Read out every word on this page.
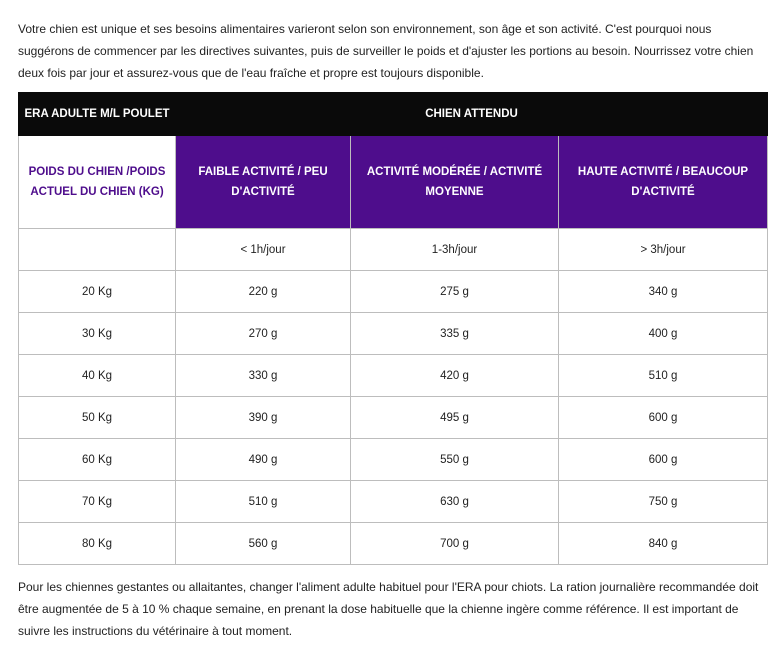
Votre chien est unique et ses besoins alimentaires varieront selon son environnement, son âge et son activité. C'est pourquoi nous suggérons de commencer par les directives suivantes, puis de surveiller le poids et d'ajuster les portions au besoin. Nourrissez votre chien deux fois par jour et assurez-vous que de l'eau fraîche et propre est toujours disponible.

ERA ADULTE M/L POULET	CHIEN ATTENDU		
POIDS DU CHIEN /POIDS ACTUEL DU CHIEN (KG)	FAIBLE ACTIVITÉ / PEU D'ACTIVITÉ	ACTIVITÉ MODÉRÉE / ACTIVITÉ MOYENNE	HAUTE ACTIVITÉ / BEAUCOUP D'ACTIVITÉ
	< 1h/jour	1-3h/jour	> 3h/jour
20 Kg	220 g	275 g	340 g
30 Kg	270 g	335 g	400 g
40 Kg	330 g	420 g	510 g
50 Kg	390 g	495 g	600 g
60 Kg	490 g	550 g	600 g
70 Kg	510 g	630 g	750 g
80 Kg	560 g	700 g	840 g

Pour les chiennes gestantes ou allaitantes, changer l'aliment adulte habituel pour l'ERA pour chiots. La ration journalière recommandée doit être augmentée de 5 à 10 % chaque semaine, en prenant la dose habituelle que la chienne ingère comme référence. Il est important de suivre les instructions du vétérinaire à tout moment.
